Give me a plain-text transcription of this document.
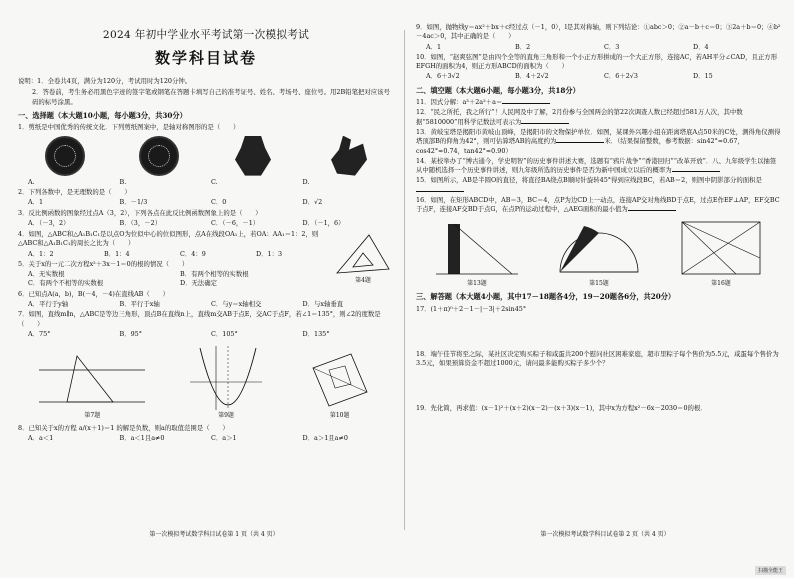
2024 年初中学业水平考试第一次模拟考试
数学科目试卷
说明：1．全卷共4页，满分为120分，考试用时为120分钟。
2．答卷前，考生务必用黑色字迹的签字笔或钢笔在答题卡填写自己的准考证号、姓名、考场号、座位号。用2B铅笔把对应该号码的标号涂黑。
一、选择题（本大题10小题，每小题3分，共30分）
1．剪纸是中国优秀的传统文化．下列剪纸图案中，是轴对称图形的是（　　）
A.	B.	C.	D.
2．下列各数中，是无理数的是（　　）
A．1	B．－1/3	C．0	D．√2
3．反比例函数的图象经过点A（3，2），下列各点在此反比例函数图象上的是（　　）
A．（－3，2）	B．（3，－2）	C．（－6，－1）	D．（－1，6）
4．如图，△ABC和△A₁B₁C₁是以点O为位似中心的位似图形，点A在线段OA₁上，若OA：AA₁＝1：2，则△ABC和△A₁B₁C₁的周长之比为（　　）
A．1：2	B．1：4	C．4：9	D．1：3
5．关于x的一元二次方程x²＋3x－1＝0的根的情况（　　）
A．无实数根	B．有两个相等的实数根
C．有两个不相等的实数根	D．无法确定	第4题
6．已知点A(a，b)，B(－4，－4)在直线AB（　　）
A．平行于y轴	B．平行于x轴	C．与y＝x轴相交	D．与x轴垂直
7．如图，直线m∥n，△ABC是等边三角形，顶点B在直线n上，直线m交AB于点E，交AC于点F，若∠1＝135°，则∠2的度数是（　　）
A．75°	B．95°	C．105°	D．135°
第7题	第9题	第10题
8．已知关于x的方程 a/(x＋1)＝1 的解是负数，则a的取值范围是（　　）
A．a＜1	B．a＜1且a≠0	C．a＞1	D．a＞1且a≠0
第一次模拟考试数学科目试卷第 1 页（共 4 页）
9．如图，抛物线y＝ax²＋bx＋c经过点（－1，0），l是其对称轴，则下列结论：①abc＞0；②a－b＋c＝0；③2a＋b＝0；④b²－4ac＞0，其中正确的是（　　）
A．1	B．2	C．3	D．4
10．如图，“赵爽弦图”是由四个全等的直角三角形和一个小正方形拼成的一个大正方形，连接AC，若AH平分∠CAD，且正方形EFGH的面积为4，则正方形ABCD的面积为（　　）
A．6＋3√2	B．4＋2√2	C．6＋2√3	D．15
二、填空题（本大题6小题，每小题3分，共18分）
11．因式分解：a³＋2a²＋a＝
12．“民之所托，我之所行”！人民网及中了解，2月份参与全国两会的第22次调查人数已经超过581万人次，其中数据“5810000”用科学记数法可表示为
13．黄岐宝塔是揭阳市黄岐山顶峰，是揭阳市的文物保护单位．如图，某课外兴趣小组在距离塔底A点50米的C处，测得角仪测得塔顶部B的仰角为42°，则可估算塔AB的高度约为	米．（结果保留整数，参考数据：sin42°≈0.67，cos42°≈0.74，tan42°≈0.90）
14．某校举办了“博古通今，学史明智”的历史事件讲述大赛，选题有“鸦片战争”“香港回归”“改革开放”．八、九年级学生以抽签从中随机选择一个历史事件讲述，则九年级所选的历史事件是否为新中国成立以后的概率为
15．如图所示，AB是半圆O的直径，将直径BA绕点B顺时针旋转45°得到应线段BC，若AB＝2，则图中阴影部分的面积是
16．如图，在矩形ABCD中，AB＝3，BC＝4，点P为边CD上一动点，连接AP交对角线BD于点E，过点E作EF⊥AP，EF交BC于点F，连接AF交BD于点G，在点P的运动过程中，△AEG面积的最小值为
第13题	第15题	第16题
三、解答题（本大题4小题，其中17－18题各4分，19－20题各6分，共20分）
17．(1＋π)⁰＋2－1－|－3|＋2sin45°
18．端午佳节将至之际，某社区决定购买粽子和咸蛋共200个慰问社区困难家庭，超市里粽子每个售价为5.5元，咸蛋每个售价为3.5元，如果预算资金不超过1000元，请问最多能购买粽子多少个？
19．先化简，再求值：(x－1)²＋(x＋2)(x－2)－(x＋3)(x－1)，其中x为方程x²－6x－2030＝0的根．
第一次模拟考试数学科目试卷第 2 页（共 4 页）
扫描全能王
